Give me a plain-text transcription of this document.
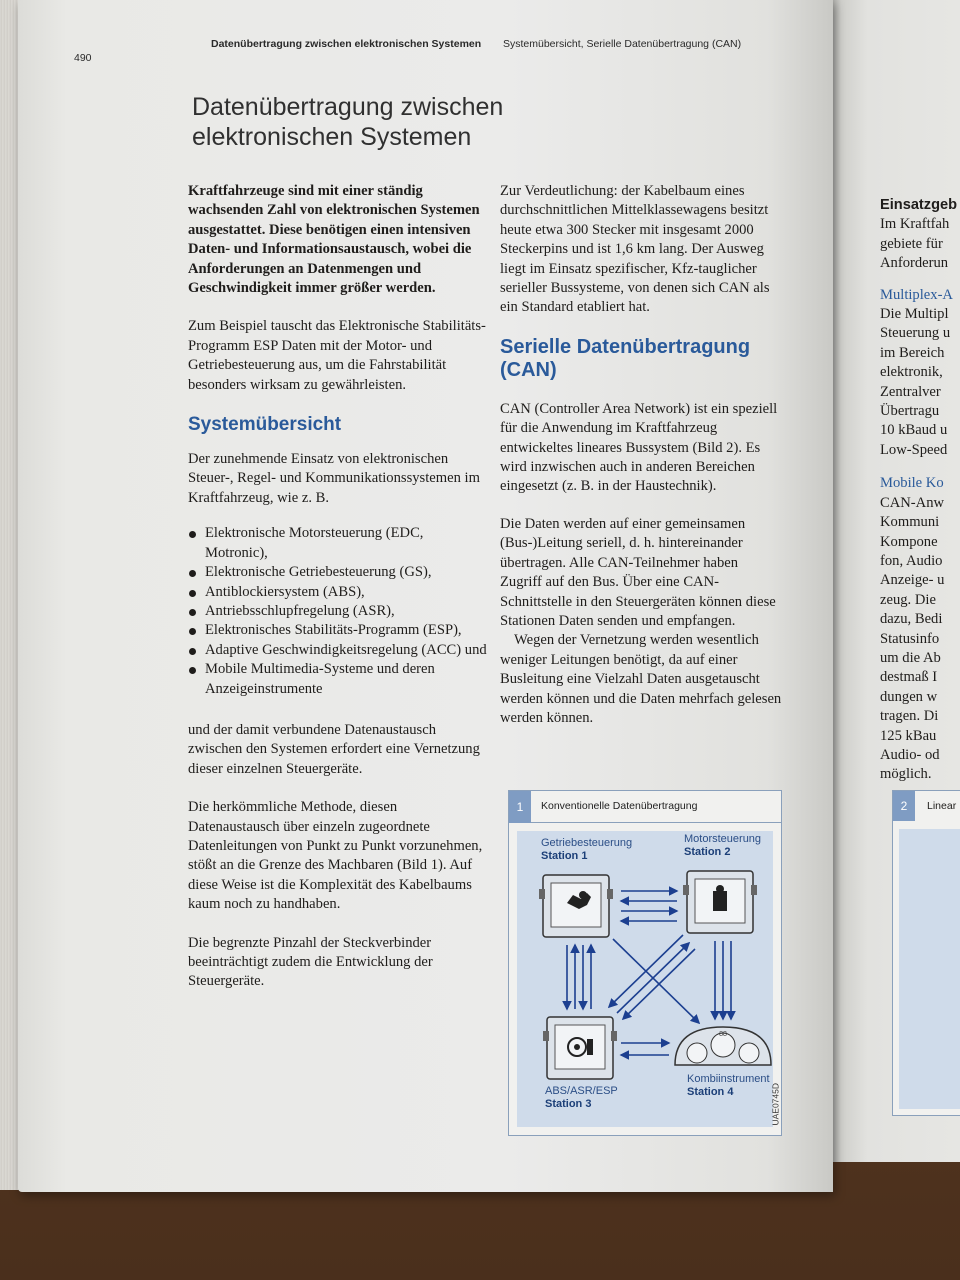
490
Datenübertragung zwischen elektronischen Systemen Systemübersicht, Serielle Datenübertragung (CAN)
Datenübertragung zwischen
elektronischen Systemen

Kraftfahrzeuge sind mit einer ständig wachsenden Zahl von elektronischen Systemen ausgestattet. Diese benötigen einen intensiven Daten- und Informationsaustausch, wobei die Anforderungen an Datenmengen und Geschwindigkeit immer größer werden.

Zum Beispiel tauscht das Elektronische Stabilitäts-Programm ESP Daten mit der Motor- und Getriebesteuerung aus, um die Fahrstabilität besonders wirksam zu gewährleisten.

Systemübersicht

Der zunehmende Einsatz von elektronischen Steuer-, Regel- und Kommunikationssystemen im Kraftfahrzeug, wie z. B.

Elektronische Motorsteuerung (EDC, Motronic),
Elektronische Getriebesteuerung (GS),
Antiblockiersystem (ABS),
Antriebsschlupfregelung (ASR),
Elektronisches Stabilitäts-Programm (ESP),
Adaptive Geschwindigkeitsregelung (ACC) und
Mobile Multimedia-Systeme und deren Anzeigeinstrumente

und der damit verbundene Datenaustausch zwischen den Systemen erfordert eine Vernetzung dieser einzelnen Steuergeräte.

Die herkömmliche Methode, diesen Datenaustausch über einzeln zugeordnete Datenleitungen von Punkt zu Punkt vorzunehmen, stößt an die Grenze des Machbaren (Bild 1). Auf diese Weise ist die Komplexität des Kabelbaums kaum noch zu handhaben.

Die begrenzte Pinzahl der Steckverbinder beeinträchtigt zudem die Entwicklung der Steuergeräte.

Zur Verdeutlichung: der Kabelbaum eines durchschnittlichen Mittelklassewagens besitzt heute etwa 300 Stecker mit insgesamt 2000 Steckerpins und ist 1,6 km lang. Der Ausweg liegt im Einsatz spezifischer, Kfz-tauglicher serieller Bussysteme, von denen sich CAN als ein Standard etabliert hat.

Serielle Datenübertragung (CAN)

CAN (Controller Area Network) ist ein speziell für die Anwendung im Kraftfahrzeug entwickeltes lineares Bussystem (Bild 2). Es wird inzwischen auch in anderen Bereichen eingesetzt (z. B. in der Haustechnik).

Die Daten werden auf einer gemeinsamen (Bus-)Leitung seriell, d. h. hintereinander übertragen. Alle CAN-Teilnehmer haben Zugriff auf den Bus. Über eine CAN-Schnittstelle in den Steuergeräten können diese Stationen Daten senden und empfangen.

Wegen der Vernetzung werden wesentlich weniger Leitungen benötigt, da auf einer Busleitung eine Vielzahl Daten ausgetauscht werden können und die Daten mehrfach gelesen werden können.

1	Konventionelle Datenübertragung
88
Getriebesteuerung
Station 1
Motorsteuerung
Station 2
ABS/ASR/ESP
Station 3
Kombiinstrument
Station 4	UAE0745D
Einsatzgeb
Im Kraftfah
gebiete für
Anforderun
Multiplex-A
Die Multipl
Steuerung u
im Bereich
elektronik,
Zentralver
Übertragu
10 kBaud u
Low-Speed
Mobile Ko
CAN-Anw
Kommuni
Kompone
fon, Audio
Anzeige- u
zeug. Die
dazu, Bedi
Statusinfo
um die Ab
destmaß I
dungen w
tragen. Di
125 kBau
Audio- od
möglich.
2	Linear
